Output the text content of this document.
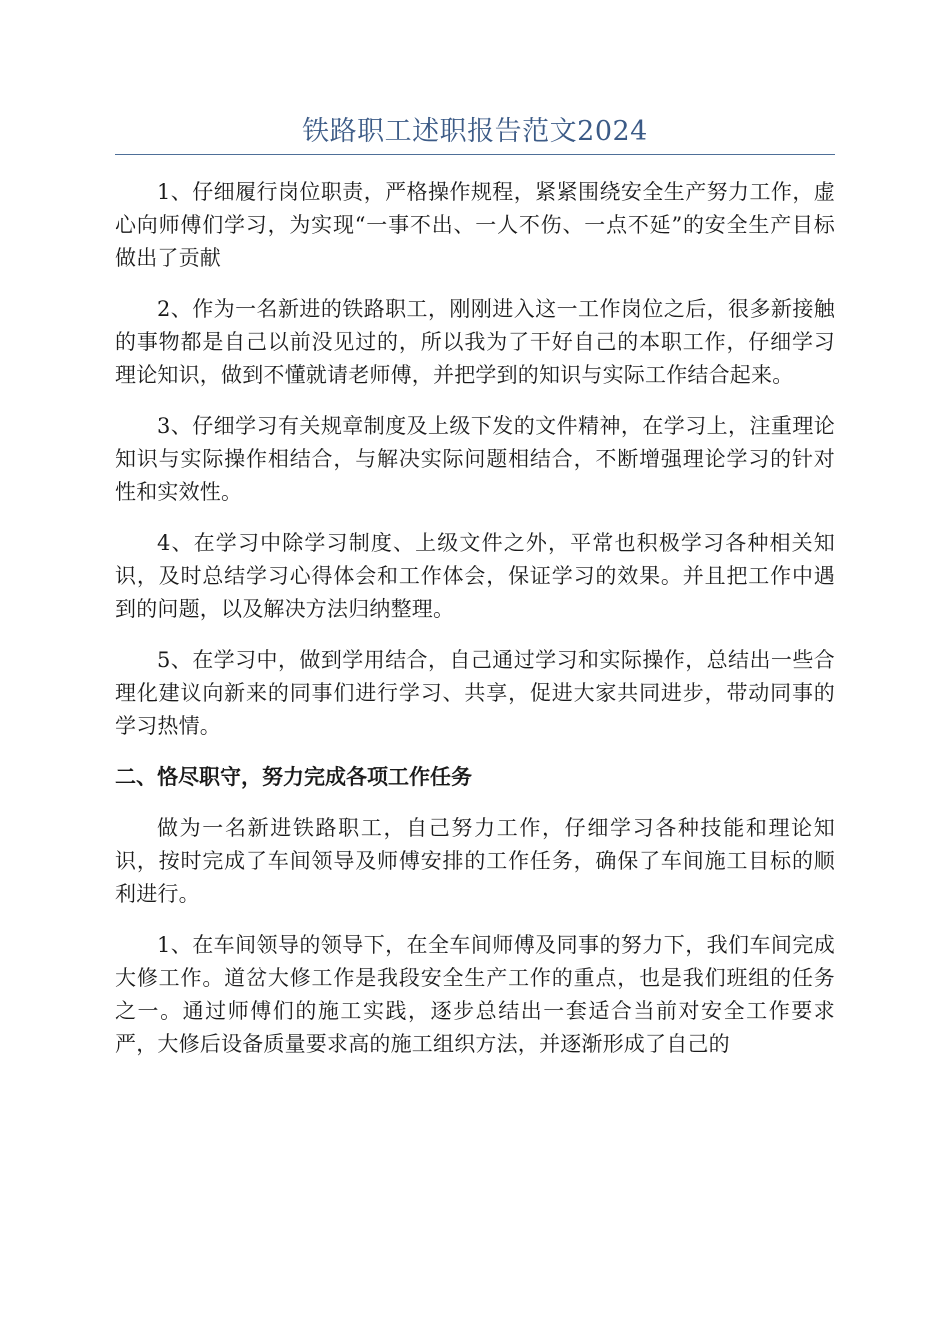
铁路职工述职报告范文2024

1、仔细履行岗位职责，严格操作规程，紧紧围绕安全生产努力工作，虚心向师傅们学习，为实现“一事不出、一人不伤、一点不延”的安全生产目标做出了贡献

2、作为一名新进的铁路职工，刚刚进入这一工作岗位之后，很多新接触的事物都是自己以前没见过的，所以我为了干好自己的本职工作，仔细学习理论知识，做到不懂就请老师傅，并把学到的知识与实际工作结合起来。

3、仔细学习有关规章制度及上级下发的文件精神，在学习上，注重理论知识与实际操作相结合，与解决实际问题相结合，不断增强理论学习的针对性和实效性。

4、在学习中除学习制度、上级文件之外，平常也积极学习各种相关知识，及时总结学习心得体会和工作体会，保证学习的效果。并且把工作中遇到的问题，以及解决方法归纳整理。

5、在学习中，做到学用结合，自己通过学习和实际操作，总结出一些合理化建议向新来的同事们进行学习、共享，促进大家共同进步，带动同事的学习热情。

二、恪尽职守，努力完成各项工作任务

做为一名新进铁路职工，自己努力工作，仔细学习各种技能和理论知识，按时完成了车间领导及师傅安排的工作任务，确保了车间施工目标的顺利进行。

1、在车间领导的领导下，在全车间师傅及同事的努力下，我们车间完成大修工作。道岔大修工作是我段安全生产工作的重点，也是我们班组的任务之一。通过师傅们的施工实践，逐步总结出一套适合当前对安全工作要求严，大修后设备质量要求高的施工组织方法，并逐渐形成了自己的
